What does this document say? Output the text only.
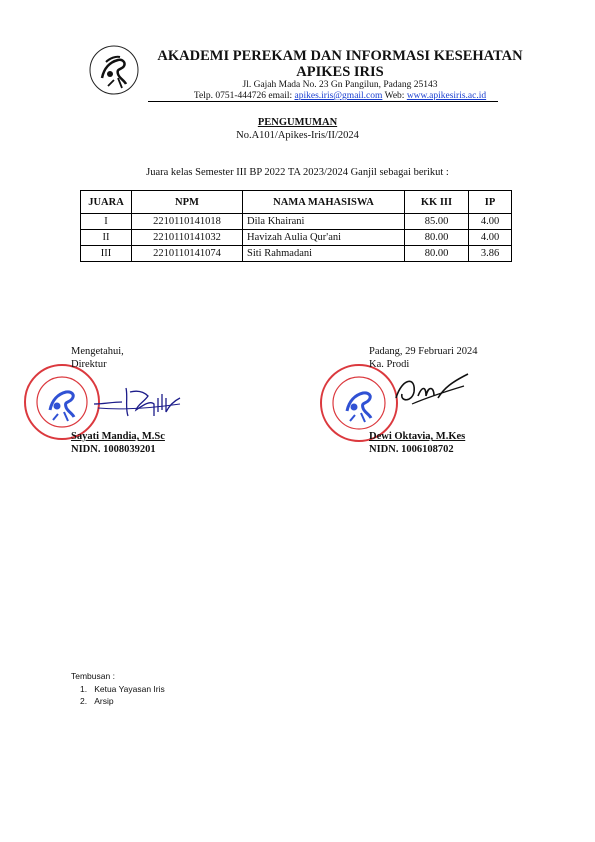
AKADEMI PEREKAM DAN INFORMASI KESEHATAN
APIKES IRIS
Jl. Gajah Mada No. 23 Gn Pangilun, Padang 25143
Telp. 0751-444726 email: apikes.iris@gmail.com Web: www.apikesiris.ac.id
PENGUMUMAN
No.A101/Apikes-Iris/II/2024
Juara kelas Semester III BP 2022 TA 2023/2024 Ganjil sebagai berikut :
JUARA	NPM	NAMA MAHASISWA	KK III	IP
I	2210110141018	Dila Khairani	85.00	4.00
II	2210110141032	Havizah Aulia Qur'ani	80.00	4.00
III	2210110141074	Siti Rahmadani	80.00	3.86
Mengetahui,
Direktur
Sayati Mandia, M.Sc
NIDN. 1008039201
Padang, 29 Februari 2024
Ka. Prodi
Dewi Oktavia, M.Kes
NIDN. 1006108702
Tembusan :
1.   Ketua Yayasan Iris
2.   Arsip
